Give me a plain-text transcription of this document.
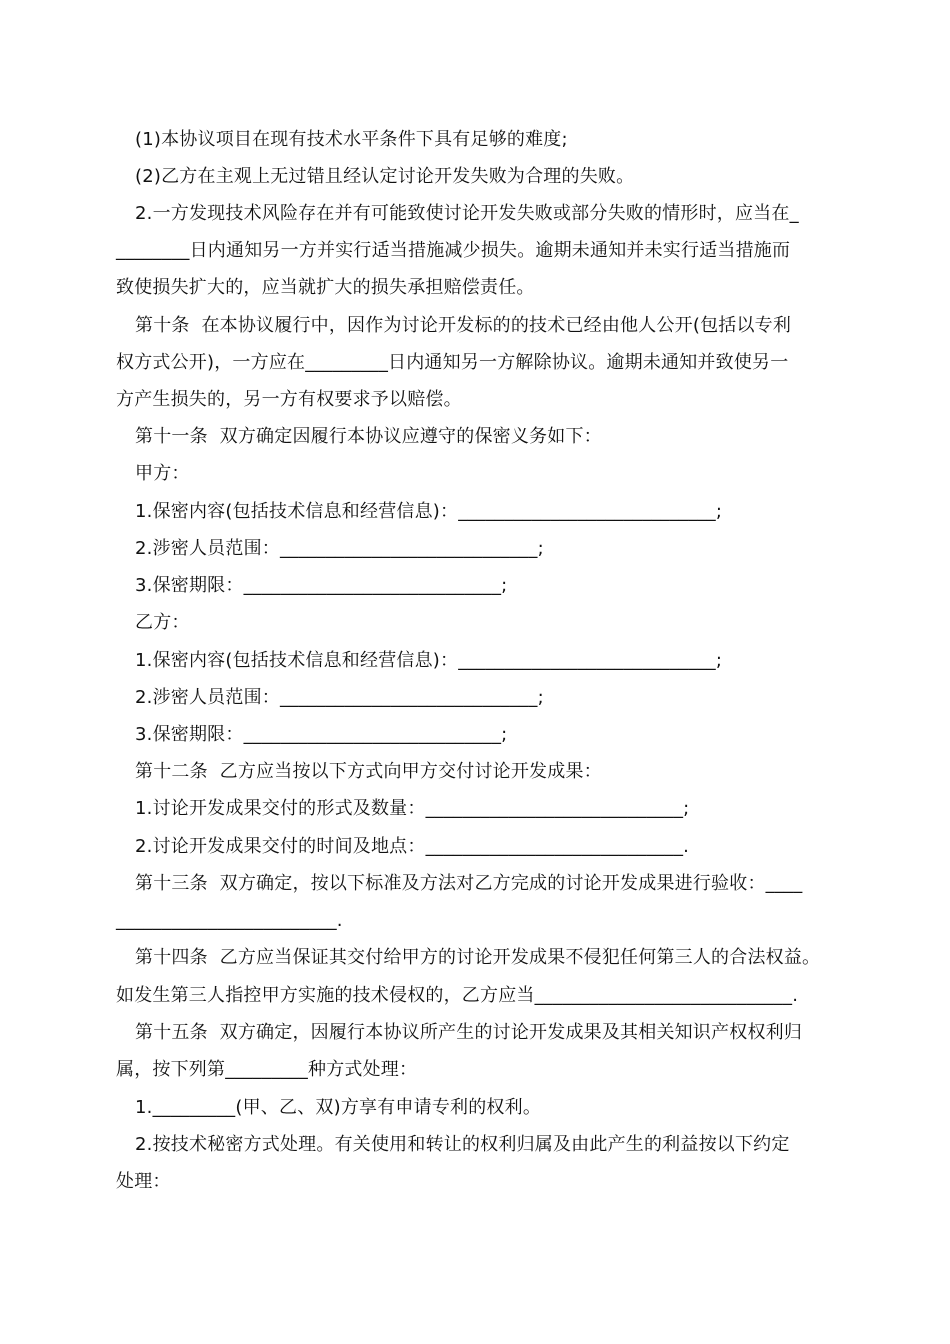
(1)本协议项目在现有技术水平条件下具有足够的难度;
(2)乙方在主观上无过错且经认定讨论开发失败为合理的失败。
2.一方发现技术风险存在并有可能致使讨论开发失败或部分失败的情形时，应当在_
________日内通知另一方并实行适当措施减少损失。逾期未通知并未实行适当措施而
致使损失扩大的，应当就扩大的损失承担赔偿责任。
第十条  在本协议履行中，因作为讨论开发标的的技术已经由他人公开(包括以专利
权方式公开)，一方应在_________日内通知另一方解除协议。逾期未通知并致使另一
方产生损失的，另一方有权要求予以赔偿。
第十一条  双方确定因履行本协议应遵守的保密义务如下：
甲方：
1.保密内容(包括技术信息和经营信息)：____________________________;
2.涉密人员范围：____________________________;
3.保密期限：____________________________;
乙方：
1.保密内容(包括技术信息和经营信息)：____________________________;
2.涉密人员范围：____________________________;
3.保密期限：____________________________;
第十二条  乙方应当按以下方式向甲方交付讨论开发成果：
1.讨论开发成果交付的形式及数量：____________________________;
2.讨论开发成果交付的时间及地点：____________________________.
第十三条  双方确定，按以下标准及方法对乙方完成的讨论开发成果进行验收：____
________________________.
第十四条  乙方应当保证其交付给甲方的讨论开发成果不侵犯任何第三人的合法权益。
如发生第三人指控甲方实施的技术侵权的，乙方应当____________________________.
第十五条  双方确定，因履行本协议所产生的讨论开发成果及其相关知识产权权利归
属，按下列第_________种方式处理：
1._________(甲、乙、双)方享有申请专利的权利。
2.按技术秘密方式处理。有关使用和转让的权利归属及由此产生的利益按以下约定
处理：
